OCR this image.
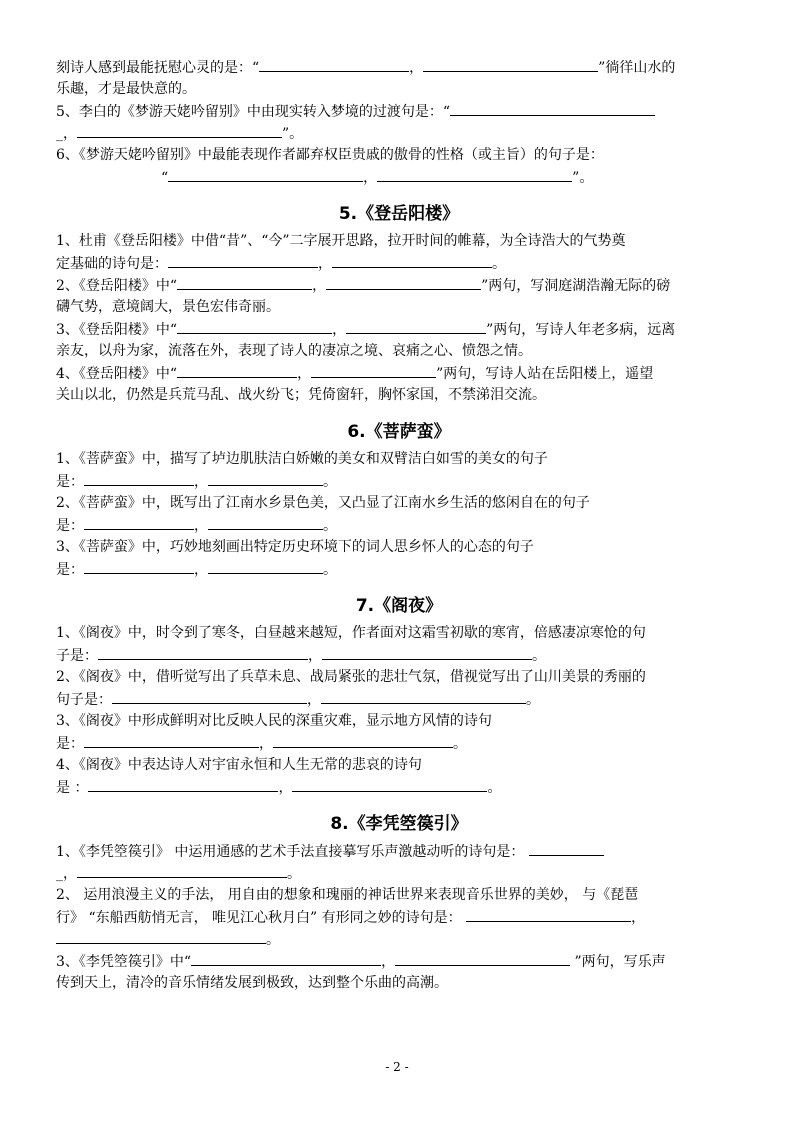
刻诗人感到最能抚慰心灵的是：“	，	”徜徉山水的
乐趣，才是最快意的。
5、李白的《梦游天姥吟留别》中由现实转入梦境的过渡句是：“
_，	”。
6、《梦游天姥吟留别》中最能表现作者鄙弃权臣贵戚的傲骨的性格（或主旨）的句子是：
“	，	”。
5.《登岳阳楼》
1、杜甫《登岳阳楼》中借“昔”、“今”二字展开思路，拉开时间的帷幕，为全诗浩大的气势奠
定基础的诗句是：	，	。
2、《登岳阳楼》中“	，	”两句，写洞庭湖浩瀚无际的磅
礴气势，意境阔大，景色宏伟奇丽。
3、《登岳阳楼》中“	，	”两句，写诗人年老多病，远离
亲友，以舟为家，流落在外，表现了诗人的凄凉之境、哀痛之心、愤怨之情。
4、《登岳阳楼》中“	，	”两句，写诗人站在岳阳楼上，遥望
关山以北，仍然是兵荒马乱、战火纷飞；凭倚窗轩，胸怀家国，不禁涕泪交流。
6.《菩萨蛮》
1、《菩萨蛮》中，描写了垆边肌肤洁白娇嫩的美女和双臂洁白如雪的美女的句子
是：	，	。
2、《菩萨蛮》中，既写出了江南水乡景色美，又凸显了江南水乡生活的悠闲自在的句子
是：	，	。
3、《菩萨蛮》中，巧妙地刻画出特定历史环境下的词人思乡怀人的心态的句子
是：	，	。
7.《阁夜》
1、《阁夜》中，时令到了寒冬，白昼越来越短，作者面对这霜雪初歇的寒宵，倍感凄凉寒怆的句
子是：	，	。
2、《阁夜》中，借听觉写出了兵草未息、战局紧张的悲壮气氛，借视觉写出了山川美景的秀丽的
句子是：	，	。
3、《阁夜》中形成鲜明对比反映人民的深重灾难，显示地方风情的诗句
是：	，	。
4、《阁夜》中表达诗人对宇宙永恒和人生无常的悲哀的诗句
是 ：	，	。
8.《李凭箜篌引》
1、《李凭箜篌引》 中运用通感的艺术手法直接摹写乐声激越动听的诗句是：
_，	。
2、 运用浪漫主义的手法， 用自由的想象和瑰丽的神话世界来表现音乐世界的美妙， 与《琵琶
行》 “东船西舫悄无言， 唯见江心秋月白” 有形同之妙的诗句是：	，
。
3、《李凭箜篌引》中“	，	”两句，写乐声
传到天上，清冷的音乐情绪发展到极致，达到整个乐曲的高潮。
- 2 -
